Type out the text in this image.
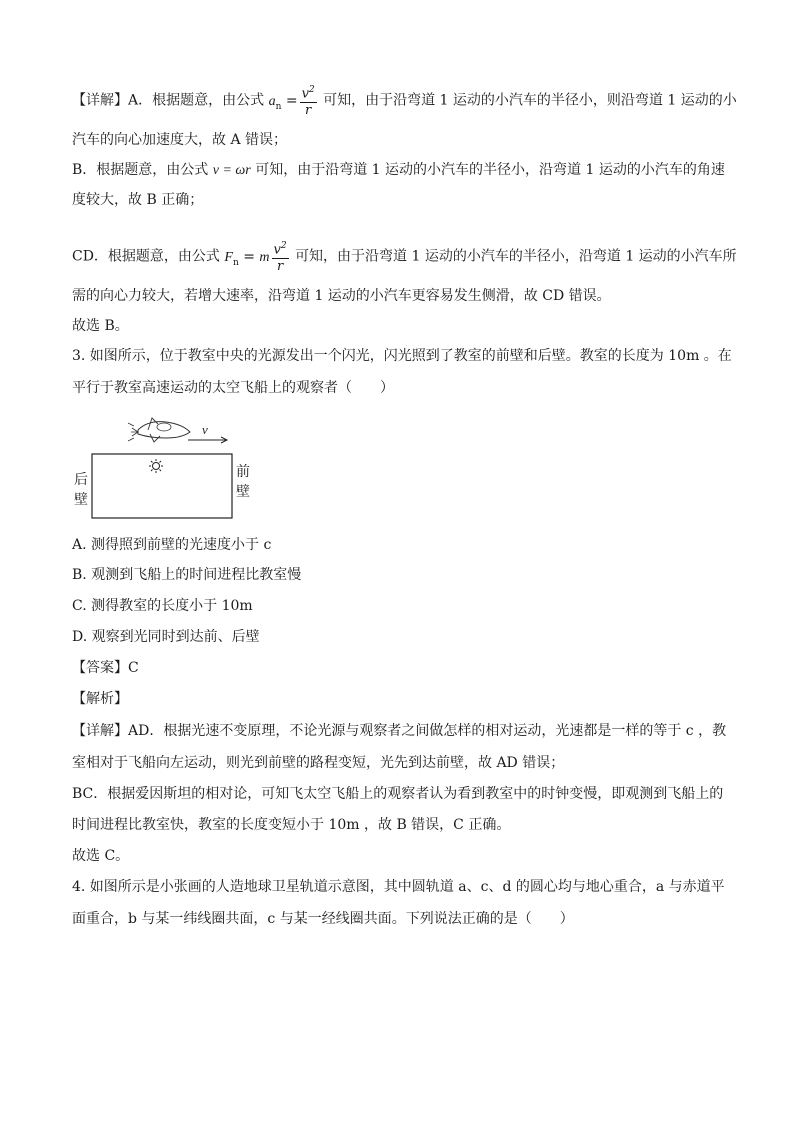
【详解】A．根据题意，由公式 $a_n = \frac{v^2}{r}$ 可知，由于沿弯道 1 运动的小汽车的半径小，则沿弯道 1 运动的小
汽车的向心加速度大，故 A 错误；
B．根据题意，由公式 v = ωr 可知，由于沿弯道 1 运动的小汽车的半径小，沿弯道 1 运动的小汽车的角速
度较大，故 B 正确；
CD．根据题意，由公式 $F_n = m \frac{v^2}{r}$ 可知，由于沿弯道 1 运动的小汽车的半径小，沿弯道 1 运动的小汽车所
需的向心力较大，若增大速率，沿弯道 1 运动的小汽车更容易发生侧滑，故 CD 错误。
故选 B。
3. 如图所示，位于教室中央的光源发出一个闪光，闪光照到了教室的前壁和后壁。教室的长度为 10m 。在
平行于教室高速运动的太空飞船上的观察者（　　）
v
后
壁
前
壁
A. 测得照到前壁的光速度小于 c
B. 观测到飞船上的时间进程比教室慢
C. 测得教室的长度小于 10m
D. 观察到光同时到达前、后壁
【答案】C
【解析】
【详解】AD．根据光速不变原理，不论光源与观察者之间做怎样的相对运动，光速都是一样的等于 c ，教
室相对于飞船向左运动，则光到前壁的路程变短，光先到达前壁，故 AD 错误；
BC．根据爱因斯坦的相对论，可知飞太空飞船上的观察者认为看到教室中的时钟变慢，即观测到飞船上的
时间进程比教室快，教室的长度变短小于 10m ，故 B 错误，C 正确。
故选 C。
4. 如图所示是小张画的人造地球卫星轨道示意图，其中圆轨道 a、c、d 的圆心均与地心重合，a 与赤道平
面重合，b 与某一纬线圈共面，c 与某一经线圈共面。下列说法正确的是（　　）
